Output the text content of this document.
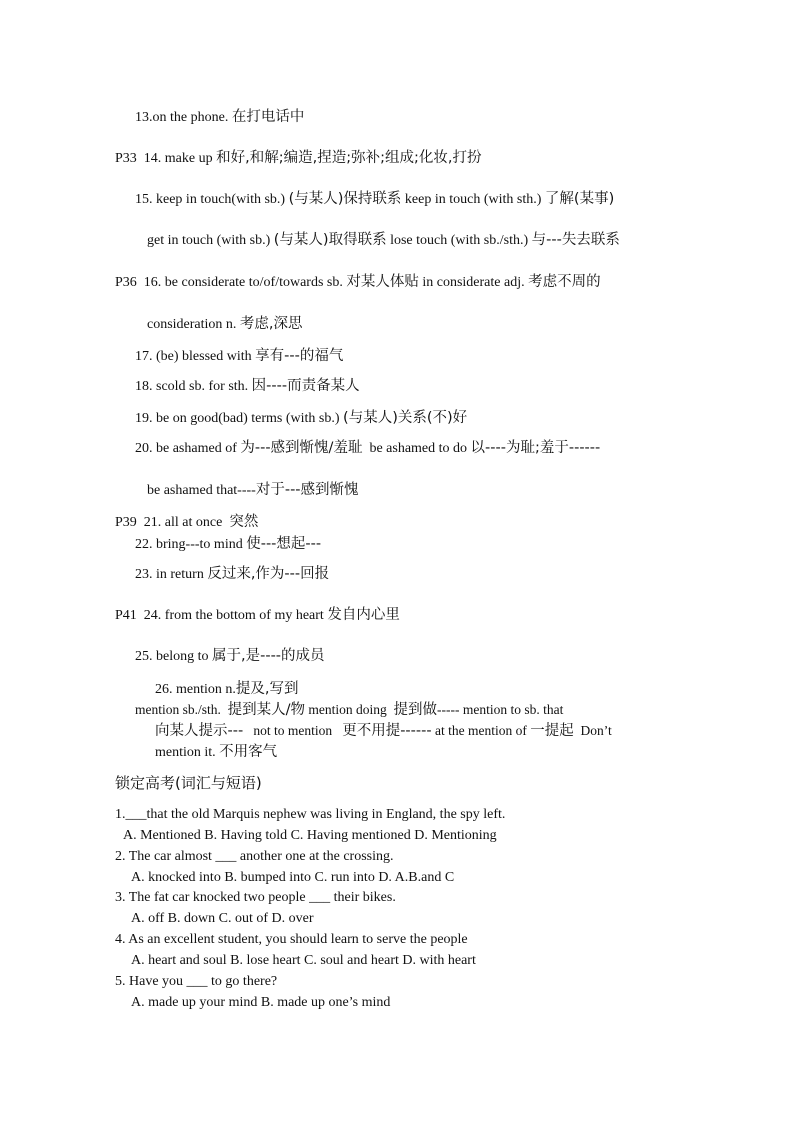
13.on the phone. 在打电话中
P33 14. make up 和好,和解;编造,捏造;弥补;组成;化妆,打扮
15. keep in touch(with sb.) (与某人)保持联系 keep in touch (with sth.) 了解(某事)
get in touch (with sb.) (与某人)取得联系 lose touch (with sb./sth.) 与---失去联系
P36 16. be considerate to/of/towards sb. 对某人体贴 in considerate adj. 考虑不周的
consideration n. 考虑,深思
17. (be) blessed with 享有---的福气
18. scold sb. for sth. 因----而责备某人
19. be on good(bad) terms (with sb.) (与某人)关系(不)好
20. be ashamed of 为---感到惭愧/羞耻 be ashamed to do 以----为耻;羞于------
be ashamed that----对于---感到惭愧
P39 21. all at once 突然
22. bring---to mind 使---想起---
23. in return 反过来,作为---回报
P41 24. from the bottom of my heart 发自内心里
25. belong to 属于,是----的成员
26. mention n.提及,写到
mention sb./sth. 提到某人/物 mention doing 提到做----- mention to sb. that
向某人提示--- not to mention 更不用提------ at the mention of 一提起 Don’t
mention it. 不用客气
锁定高考(词汇与短语)
1.___that the old Marquis nephew was living in England, the spy left.
A. Mentioned B. Having told C. Having mentioned D. Mentioning
2. The car almost ___ another one at the crossing.
A. knocked into B. bumped into C. run into D. A.B.and C
3. The fat car knocked two people ___ their bikes.
A. off B. down C. out of D. over
4. As an excellent student, you should learn to serve the people
A. heart and soul B. lose heart C. soul and heart D. with heart
5. Have you ___ to go there?
A. made up your mind B. made up one’s mind
